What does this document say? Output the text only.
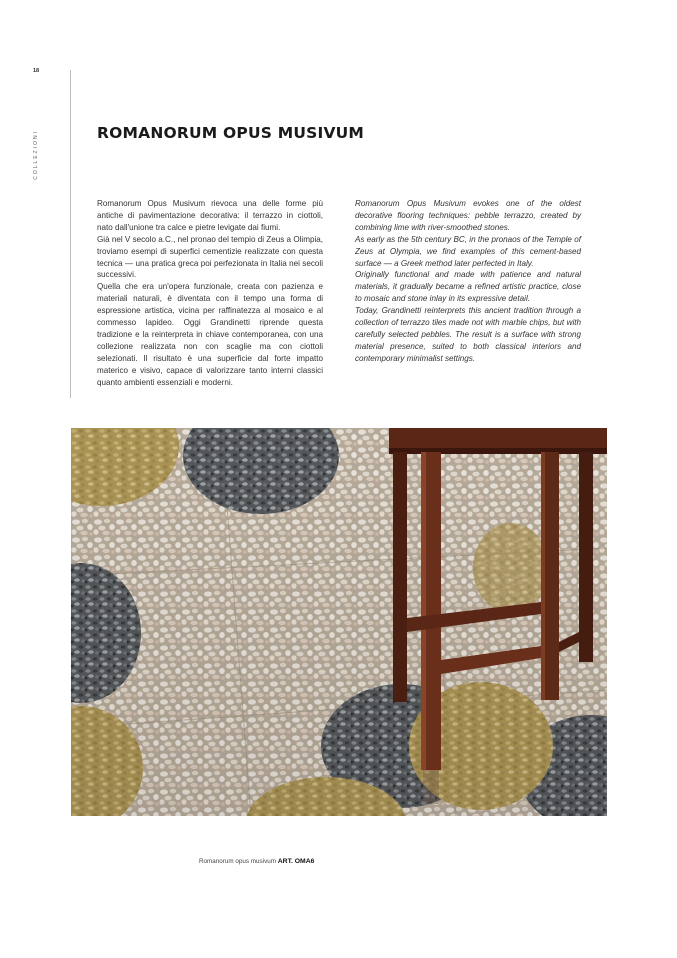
18
COLLEZIONI	ROMANORUM OPUS MUSIVUM

Romanorum Opus Musivum rievoca una delle forme più antiche di pavimentazione decorativa: il terrazzo in ciottoli, nato dall'unione tra calce e pietre levigate dai fiumi.

Già nel V secolo a.C., nel pronao del tempio di Zeus a Olimpia, troviamo esempi di superfici cementizie realizzate con questa tecnica — una pratica greca poi perfezionata in Italia nei secoli successivi.

Quella che era un'opera funzionale, creata con pazienza e materiali naturali, è diventata con il tempo una forma di espressione artistica, vicina per raffinatezza al mosaico e al commesso lapideo. Oggi Grandinetti riprende questa tradizione e la reinterpreta in chiave contemporanea, con una collezione realizzata non con scaglie ma con ciottoli selezionati. Il risultato è una superficie dal forte impatto materico e visivo, capace di valorizzare tanto interni classici quanto ambienti essenziali e moderni.

Romanorum Opus Musivum evokes one of the oldest decorative flooring techniques: pebble terrazzo, created by combining lime with river-smoothed stones.

As early as the 5th century BC, in the pronaos of the Temple of Zeus at Olympia, we find examples of this cement-based surface — a Greek method later perfected in Italy.

Originally functional and made with patience and natural materials, it gradually became a refined artistic practice, close to mosaic and stone inlay in its expressive detail.

Today, Grandinetti reinterprets this ancient tradition through a collection of terrazzo tiles made not with marble chips, but with carefully selected pebbles. The result is a surface with strong material presence, suited to both classical interiors and contemporary minimalist settings.

Romanorum opus musivum ART. OMA6
